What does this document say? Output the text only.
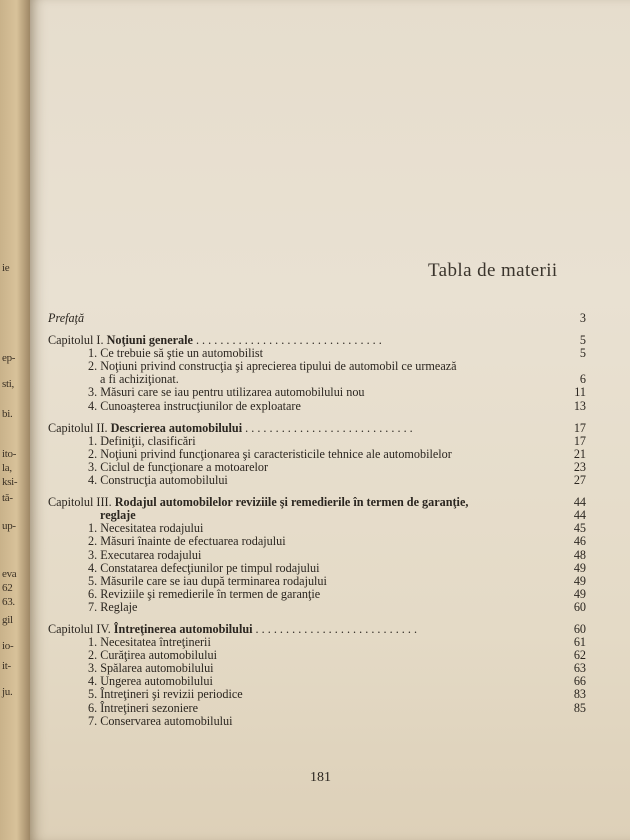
ie
ep-
sti,
bi.
ito-
la,
ksi-
tă-
up-
eva
62
63.
gil
io-
it-
ju.
Tabla de materii
Prefaţă	3
Capitolul I. Noţiuni generale . . . . . . . . . . . . . . . . . . . . . . . . . . . . . . .	5
1. Ce trebuie să ştie un automobilist	5
2. Noţiuni privind construcţia şi aprecierea tipului de automobil ce urmează
a fi achiziţionat.	6
3. Măsuri care se iau pentru utilizarea automobilului nou	11
4. Cunoaşterea instrucţiunilor de exploatare	13
Capitolul II. Descrierea automobilului . . . . . . . . . . . . . . . . . . . . . . . . . . . .	17
1. Definiţii, clasificări	17
2. Noţiuni privind funcţionarea şi caracteristicile tehnice ale automobilelor	21
3. Ciclul de funcţionare a motoarelor	23
4. Construcţia automobilului	27
Capitolul III. Rodajul automobilelor reviziile şi remedierile în termen de garanţie,	44
reglaje	44
1. Necesitatea rodajului	45
2. Măsuri înainte de efectuarea rodajului	46
3. Executarea rodajului	48
4. Constatarea defecţiunilor pe timpul rodajului	49
5. Măsurile care se iau după terminarea rodajului	49
6. Reviziile şi remedierile în termen de garanţie	49
7. Reglaje	60
Capitolul IV. Întreţinerea automobilului . . . . . . . . . . . . . . . . . . . . . . . . . . .	60
1. Necesitatea întreţinerii	61
2. Curăţirea automobilului	62
3. Spălarea automobilului	63
4. Ungerea automobilului	66
5. Întreţineri şi revizii periodice	83
6. Întreţineri sezoniere	85
7. Conservarea automobilului
181
